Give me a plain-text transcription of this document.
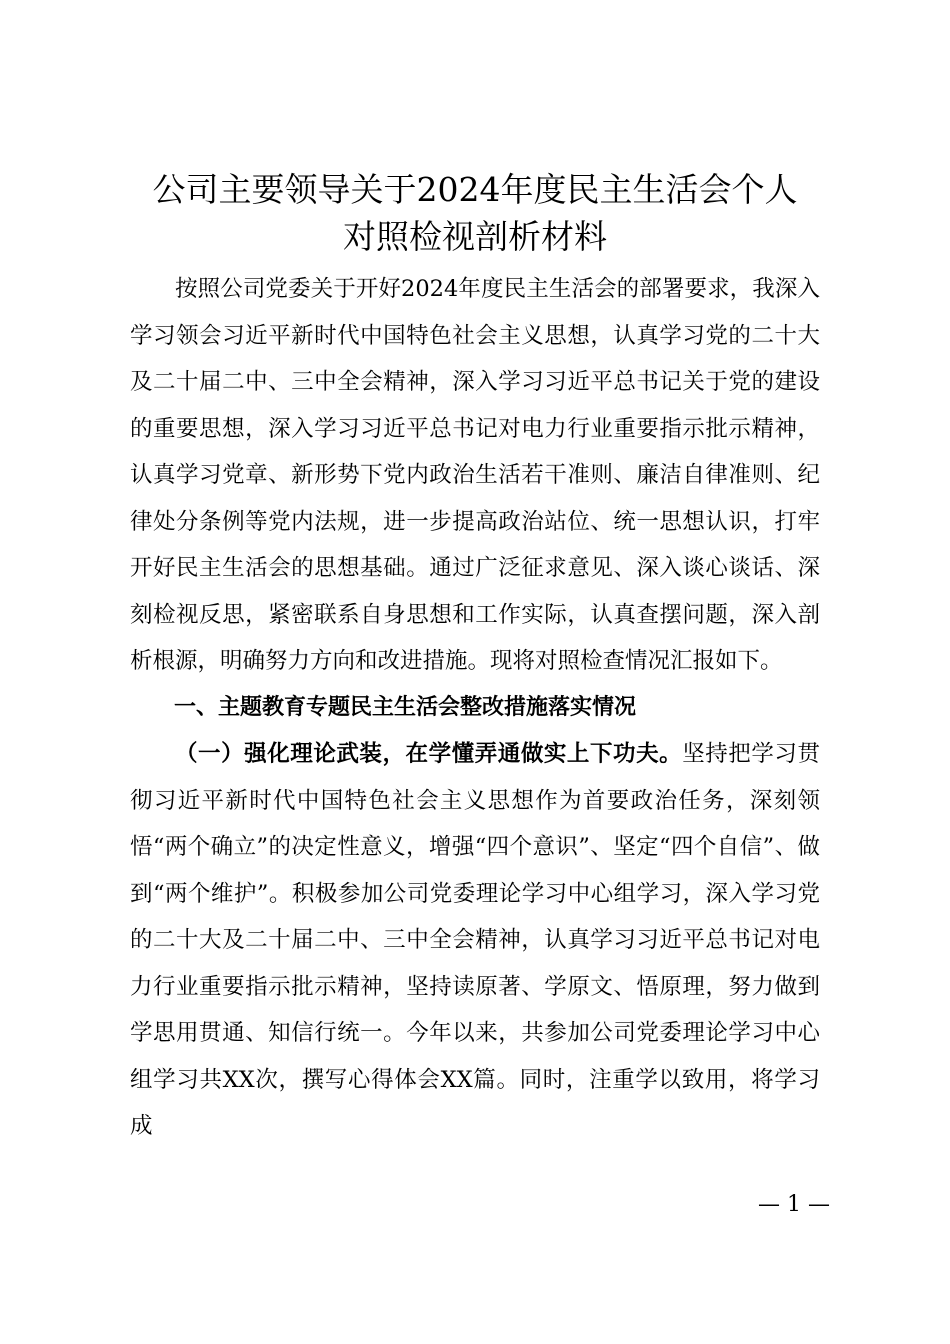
公司主要领导关于2024年度民主生活会个人
对照检视剖析材料

按照公司党委关于开好2024年度民主生活会的部署要求，我深入学习领会习近平新时代中国特色社会主义思想，认真学习党的二十大及二十届二中、三中全会精神，深入学习习近平总书记关于党的建设的重要思想，深入学习习近平总书记对电力行业重要指示批示精神，认真学习党章、新形势下党内政治生活若干准则、廉洁自律准则、纪律处分条例等党内法规，进一步提高政治站位、统一思想认识，打牢开好民主生活会的思想基础。通过广泛征求意见、深入谈心谈话、深刻检视反思，紧密联系自身思想和工作实际，认真查摆问题，深入剖析根源，明确努力方向和改进措施。现将对照检查情况汇报如下。

一、主题教育专题民主生活会整改措施落实情况

（一）强化理论武装，在学懂弄通做实上下功夫。坚持把学习贯彻习近平新时代中国特色社会主义思想作为首要政治任务，深刻领悟“两个确立”的决定性意义，增强“四个意识”、坚定“四个自信”、做到“两个维护”。积极参加公司党委理论学习中心组学习，深入学习党的二十大及二十届二中、三中全会精神，认真学习习近平总书记对电力行业重要指示批示精神，坚持读原著、学原文、悟原理，努力做到学思用贯通、知信行统一。今年以来，共参加公司党委理论学习中心组学习共XX次，撰写心得体会XX篇。同时，注重学以致用，将学习成

— 1 —
